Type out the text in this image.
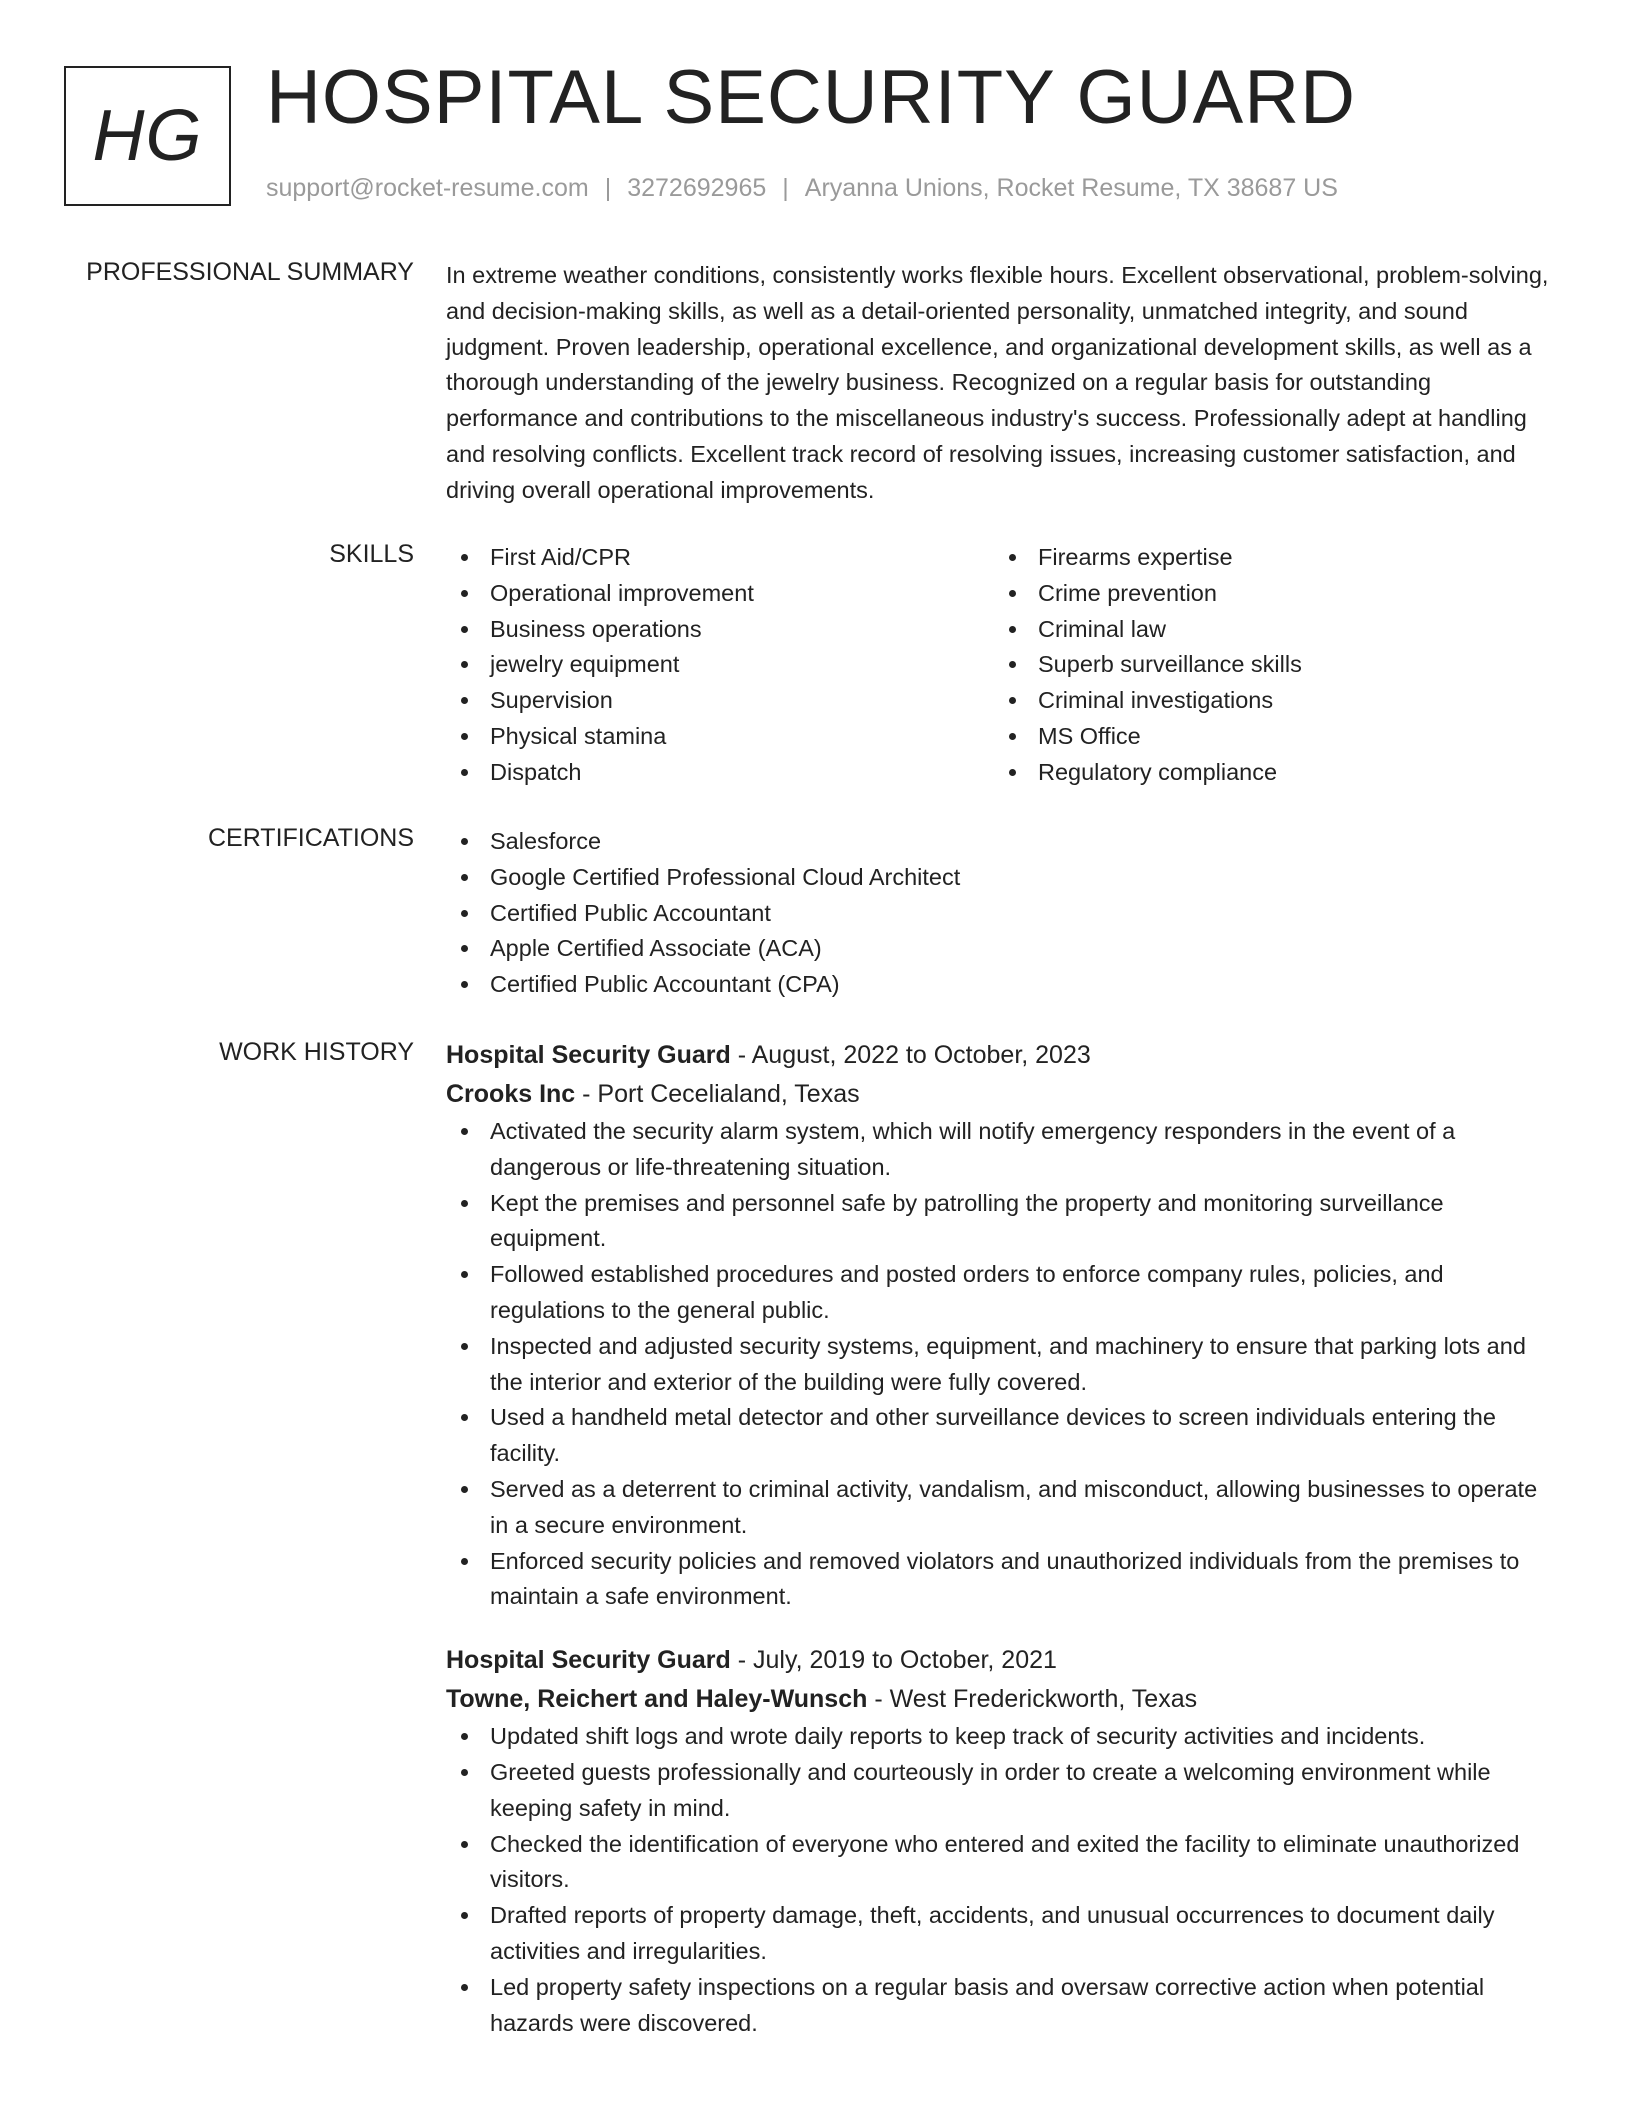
HG HOSPITAL SECURITY GUARD
support@rocket-resume.com | 3272692965 | Aryanna Unions, Rocket Resume, TX 38687 US
PROFESSIONAL SUMMARY In extreme weather conditions, consistently works flexible hours. Excellent observational, problem-solving, and decision-making skills, as well as a detail-oriented personality, unmatched integrity, and sound judgment. Proven leadership, operational excellence, and organizational development skills, as well as a thorough understanding of the jewelry business. Recognized on a regular basis for outstanding performance and contributions to the miscellaneous industry's success. Professionally adept at handling and resolving conflicts. Excellent track record of resolving issues, increasing customer satisfaction, and driving overall operational improvements.
SKILLS	First Aid/CPR
Operational improvement
Business operations
jewelry equipment
Supervision
Physical stamina
Dispatch
Firearms expertise
Crime prevention
Criminal law
Superb surveillance skills
Criminal investigations
MS Office
Regulatory compliance
CERTIFICATIONS	Salesforce
Google Certified Professional Cloud Architect
Certified Public Accountant
Apple Certified Associate (ACA)
Certified Public Accountant (CPA)
WORK HISTORY Hospital Security Guard - August, 2022 to October, 2023
Crooks Inc - Port Cecelialand, Texas
Activated the security alarm system, which will notify emergency responders in the event of a dangerous or life-threatening situation.
Kept the premises and personnel safe by patrolling the property and monitoring surveillance equipment.
Followed established procedures and posted orders to enforce company rules, policies, and regulations to the general public.
Inspected and adjusted security systems, equipment, and machinery to ensure that parking lots and the interior and exterior of the building were fully covered.
Used a handheld metal detector and other surveillance devices to screen individuals entering the facility.
Served as a deterrent to criminal activity, vandalism, and misconduct, allowing businesses to operate in a secure environment.
Enforced security policies and removed violators and unauthorized individuals from the premises to maintain a safe environment.
Hospital Security Guard - July, 2019 to October, 2021
Towne, Reichert and Haley-Wunsch - West Frederickworth, Texas
Updated shift logs and wrote daily reports to keep track of security activities and incidents.
Greeted guests professionally and courteously in order to create a welcoming environment while keeping safety in mind.
Checked the identification of everyone who entered and exited the facility to eliminate unauthorized visitors.
Drafted reports of property damage, theft, accidents, and unusual occurrences to document daily activities and irregularities.
Led property safety inspections on a regular basis and oversaw corrective action when potential hazards were discovered.
